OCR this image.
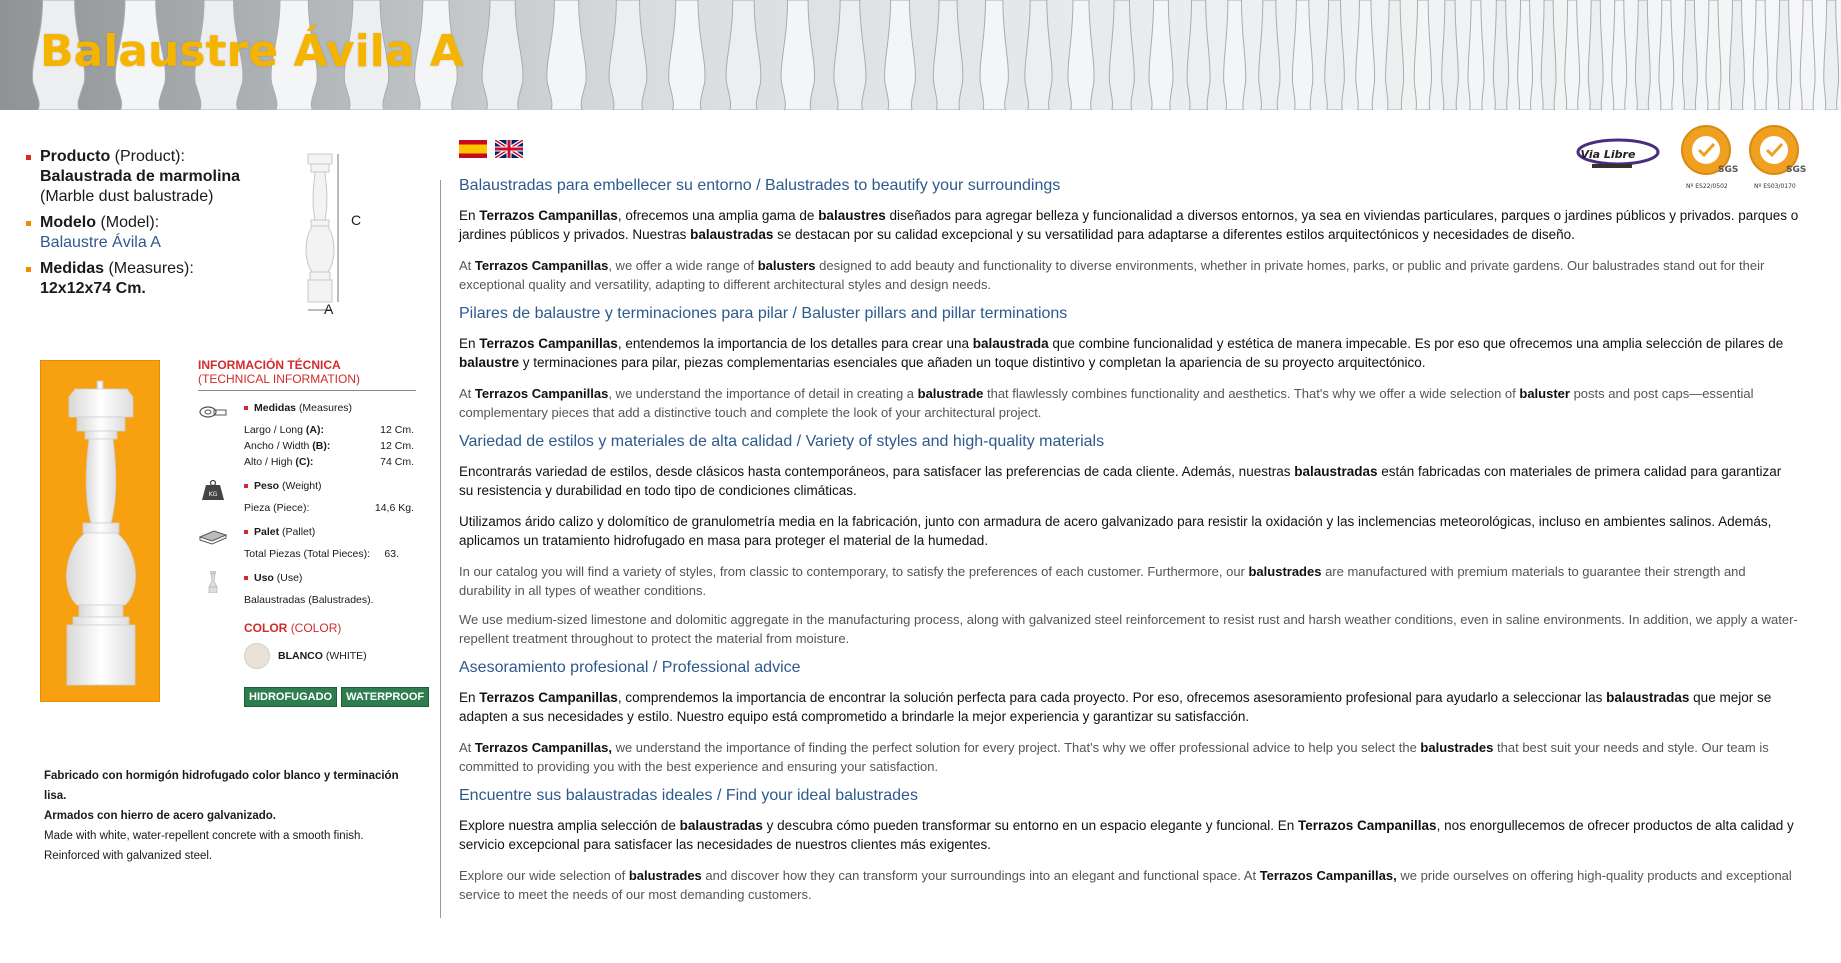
Balaustre Ávila A
Producto (Product):
Balaustrada de marmolina
(Marble dust balustrade)
Modelo (Model):
Balaustre Ávila A
Medidas (Measures):
12x12x74 Cm.
C
A
INFORMACIÓN TÉCNICA
(TECHNICAL INFORMATION)
Medidas (Measures)
Largo / Long (A):	12 Cm.
Ancho / Width (B):	12 Cm.
Alto / High (C):	74 Cm.
KG
Peso (Weight)
Pieza (Piece):	14,6 Kg.
Palet (Pallet)
Total Piezas (Total Pieces): 63.
Uso (Use)
Balaustradas (Balustrades).
COLOR (COLOR)
BLANCO
(WHITE)
HIDROFUGADO	WATERPROOF
Fabricado con hormigón hidrofugado color blanco y terminación lisa.
Armados con hierro de acero galvanizado.
Made with white, water-repellent concrete with a smooth finish.
Reinforced with galvanized steel.
Via Libre
SGS
Nº ES22/0502
SGS
Nº ES03/0170
Balaustradas para embellecer su entorno / Balustrades to beautify your surroundings

En Terrazos Campanillas, ofrecemos una amplia gama de balaustres diseñados para agregar belleza y funcionalidad a diversos entornos, ya sea en viviendas particulares, parques o jardines públicos y privados. parques o jardines públicos y privados. Nuestras balaustradas se destacan por su calidad excepcional y su versatilidad para adaptarse a diferentes estilos arquitectónicos y necesidades de diseño.

At Terrazos Campanillas, we offer a wide range of balusters designed to add beauty and functionality to diverse environments, whether in private homes, parks, or public and private gardens. Our balustrades stand out for their exceptional quality and versatility, adapting to different architectural styles and design needs.

Pilares de balaustre y terminaciones para pilar / Baluster pillars and pillar terminations

En Terrazos Campanillas, entendemos la importancia de los detalles para crear una balaustrada que combine funcionalidad y estética de manera impecable. Es por eso que ofrecemos una amplia selección de pilares de balaustre y terminaciones para pilar, piezas complementarias esenciales que añaden un toque distintivo y completan la apariencia de su proyecto arquitectónico.

At Terrazos Campanillas, we understand the importance of detail in creating a balustrade that flawlessly combines functionality and aesthetics. That's why we offer a wide selection of baluster posts and post caps—essential complementary pieces that add a distinctive touch and complete the look of your architectural project.

Variedad de estilos y materiales de alta calidad / Variety of styles and high-quality materials

Encontrarás variedad de estilos, desde clásicos hasta contemporáneos, para satisfacer las preferencias de cada cliente. Además, nuestras balaustradas están fabricadas con materiales de primera calidad para garantizar su resistencia y durabilidad en todo tipo de condiciones climáticas.

Utilizamos árido calizo y dolomítico de granulometría media en la fabricación, junto con armadura de acero galvanizado para resistir la oxidación y las inclemencias meteorológicas, incluso en ambientes salinos. Además, aplicamos un tratamiento hidrofugado en masa para proteger el material de la humedad.

In our catalog you will find a variety of styles, from classic to contemporary, to satisfy the preferences of each customer. Furthermore, our balustrades are manufactured with premium materials to guarantee their strength and durability in all types of weather conditions.

We use medium-sized limestone and dolomitic aggregate in the manufacturing process, along with galvanized steel reinforcement to resist rust and harsh weather conditions, even in saline environments. In addition, we apply a water-repellent treatment throughout to protect the material from moisture.

Asesoramiento profesional / Professional advice

En Terrazos Campanillas, comprendemos la importancia de encontrar la solución perfecta para cada proyecto. Por eso, ofrecemos asesoramiento profesional para ayudarlo a seleccionar las balaustradas que mejor se adapten a sus necesidades y estilo. Nuestro equipo está comprometido a brindarle la mejor experiencia y garantizar su satisfacción.

At Terrazos Campanillas, we understand the importance of finding the perfect solution for every project. That's why we offer professional advice to help you select the balustrades that best suit your needs and style. Our team is committed to providing you with the best experience and ensuring your satisfaction.

Encuentre sus balaustradas ideales / Find your ideal balustrades

Explore nuestra amplia selección de balaustradas y descubra cómo pueden transformar su entorno en un espacio elegante y funcional. En Terrazos Campanillas, nos enorgullecemos de ofrecer productos de alta calidad y servicio excepcional para satisfacer las necesidades de nuestros clientes más exigentes.

Explore our wide selection of balustrades and discover how they can transform your surroundings into an elegant and functional space. At Terrazos Campanillas, we pride ourselves on offering high-quality products and exceptional service to meet the needs of our most demanding customers.
